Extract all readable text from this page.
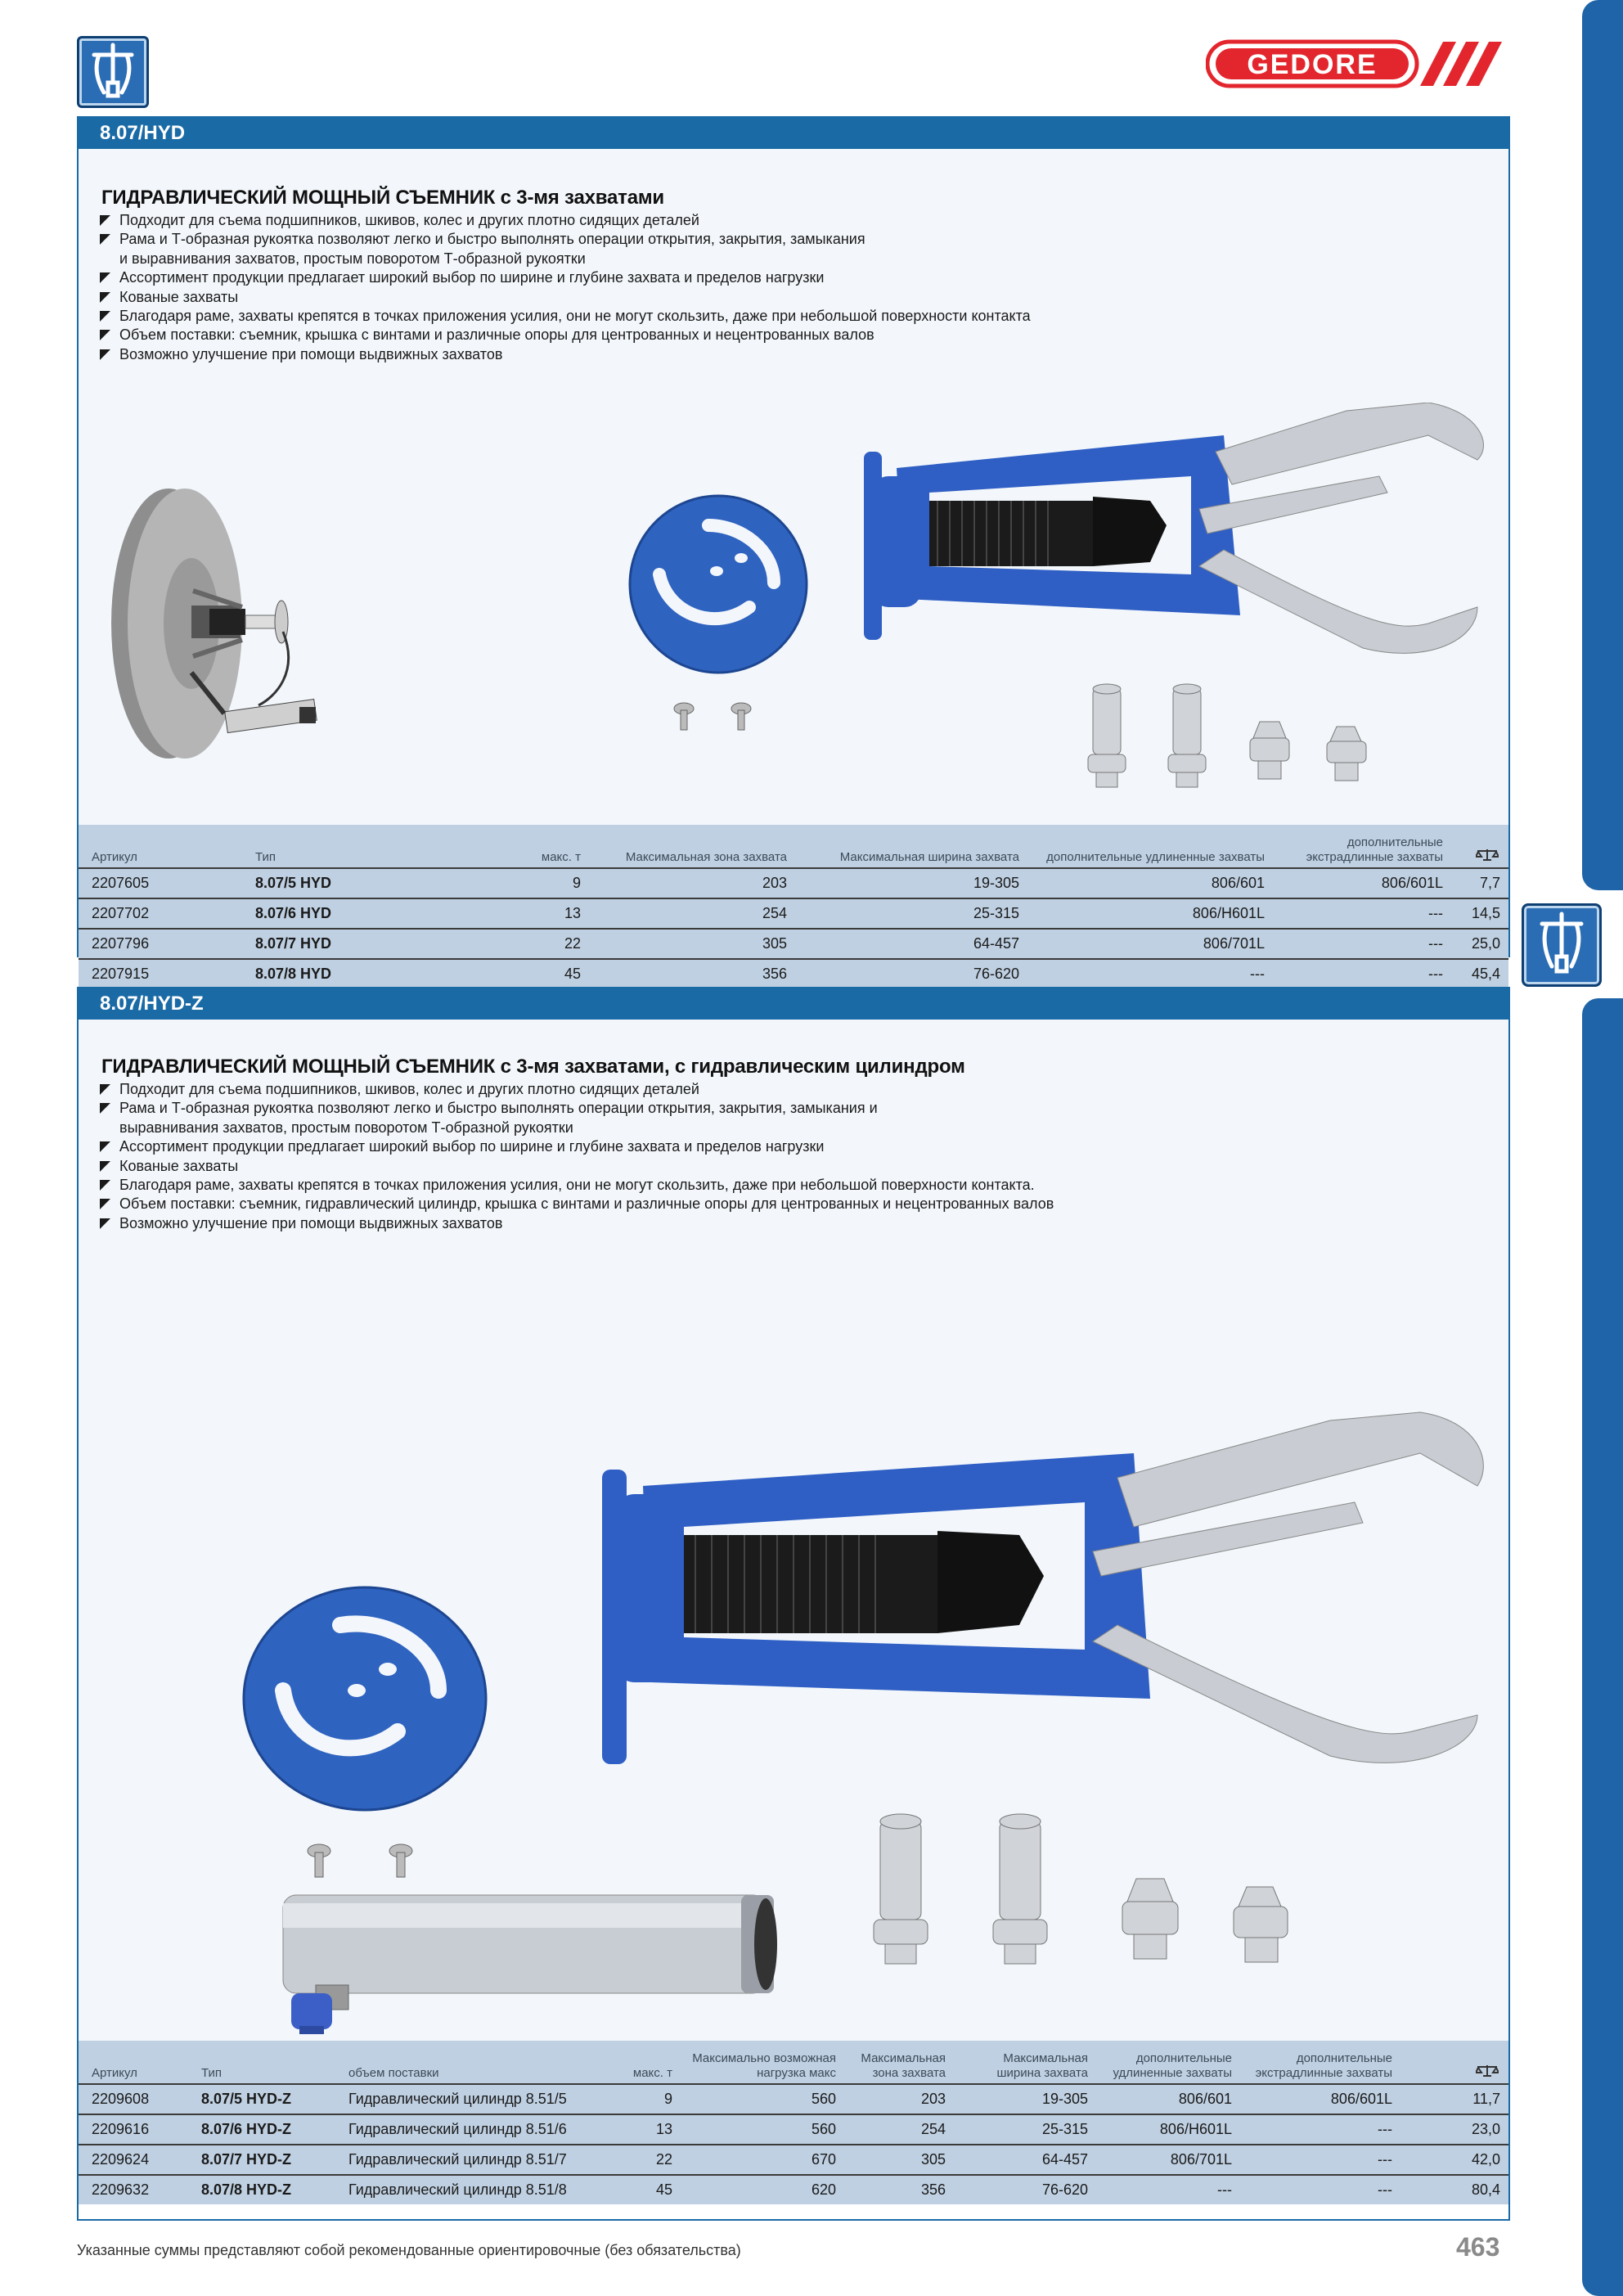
GEDORE
8.07/HYD
ГИДРАВЛИЧЕСКИЙ МОЩНЫЙ СЪЕМНИК с 3-мя захватами
Подходит для съема подшипников, шкивов, колес и других плотно сидящих деталей
Рама и Т-образная рукоятка позволяют легко и быстро выполнять операции открытия, закрытия, замыкания
и выравнивания захватов, простым поворотом Т-образной рукоятки
Ассортимент продукции предлагает широкий выбор по ширине и глубине захвата и пределов нагрузки
Кованые захваты
Благодаря раме, захваты крепятся в точках приложения усилия, они не могут скользить, даже при небольшой поверхности контакта
Объем поставки: съемник, крышка с винтами и различные опоры для центрованных и нецентрованных валов
Возможно улучшение при помощи выдвижных захватов
Артикул	Тип	макс. т	Максимальная зона захвата	Максимальная ширина захвата	дополнительные удлиненные захваты
дополнительные
экстрадлинные захваты
2207605	8.07/5 HYD	9	203	19-305	806/601	806/601L	7,7
2207702	8.07/6 HYD	13	254	25-315	806/H601L	---	14,5
2207796	8.07/7 HYD	22	305	64-457	806/701L	---	25,0
2207915	8.07/8 HYD	45	356	76-620	---	---	45,4
8.07/HYD-Z
ГИДРАВЛИЧЕСКИЙ МОЩНЫЙ СЪЕМНИК с 3-мя захватами, с гидравлическим цилиндром
Подходит для съема подшипников, шкивов, колес и других плотно сидящих деталей
Рама и Т-образная рукоятка позволяют легко и быстро выполнять операции открытия, закрытия, замыкания и
выравнивания захватов, простым поворотом Т-образной рукоятки
Ассортимент продукции предлагает широкий выбор по ширине и глубине захвата и пределов нагрузки
Кованые захваты
Благодаря раме, захваты крепятся в точках приложения усилия, они не могут скользить, даже при небольшой поверхности контакта.
Объем поставки: съемник, гидравлический цилиндр, крышка с винтами и различные опоры для центрованных и нецентрованных валов
Возможно улучшение при помощи выдвижных захватов
Артикул	Тип	объем поставки	макс. т
Максимально возможная
нагрузка макс
Максимальная
зона захвата
Максимальная
ширина захвата
дополнительные
удлиненные захваты
дополнительные
экстрадлинные захваты
2209608	8.07/5 HYD-Z	Гидравлический цилиндр 8.51/5	9	560	203	19-305	806/601	806/601L	11,7
2209616	8.07/6 HYD-Z	Гидравлический цилиндр 8.51/6	13	560	254	25-315	806/H601L	---	23,0
2209624	8.07/7 HYD-Z	Гидравлический цилиндр 8.51/7	22	670	305	64-457	806/701L	---	42,0
2209632	8.07/8 HYD-Z	Гидравлический цилиндр 8.51/8	45	620	356	76-620	---	---	80,4
Указанные суммы представляют собой рекомендованные ориентировочные (без обязательства)	463
